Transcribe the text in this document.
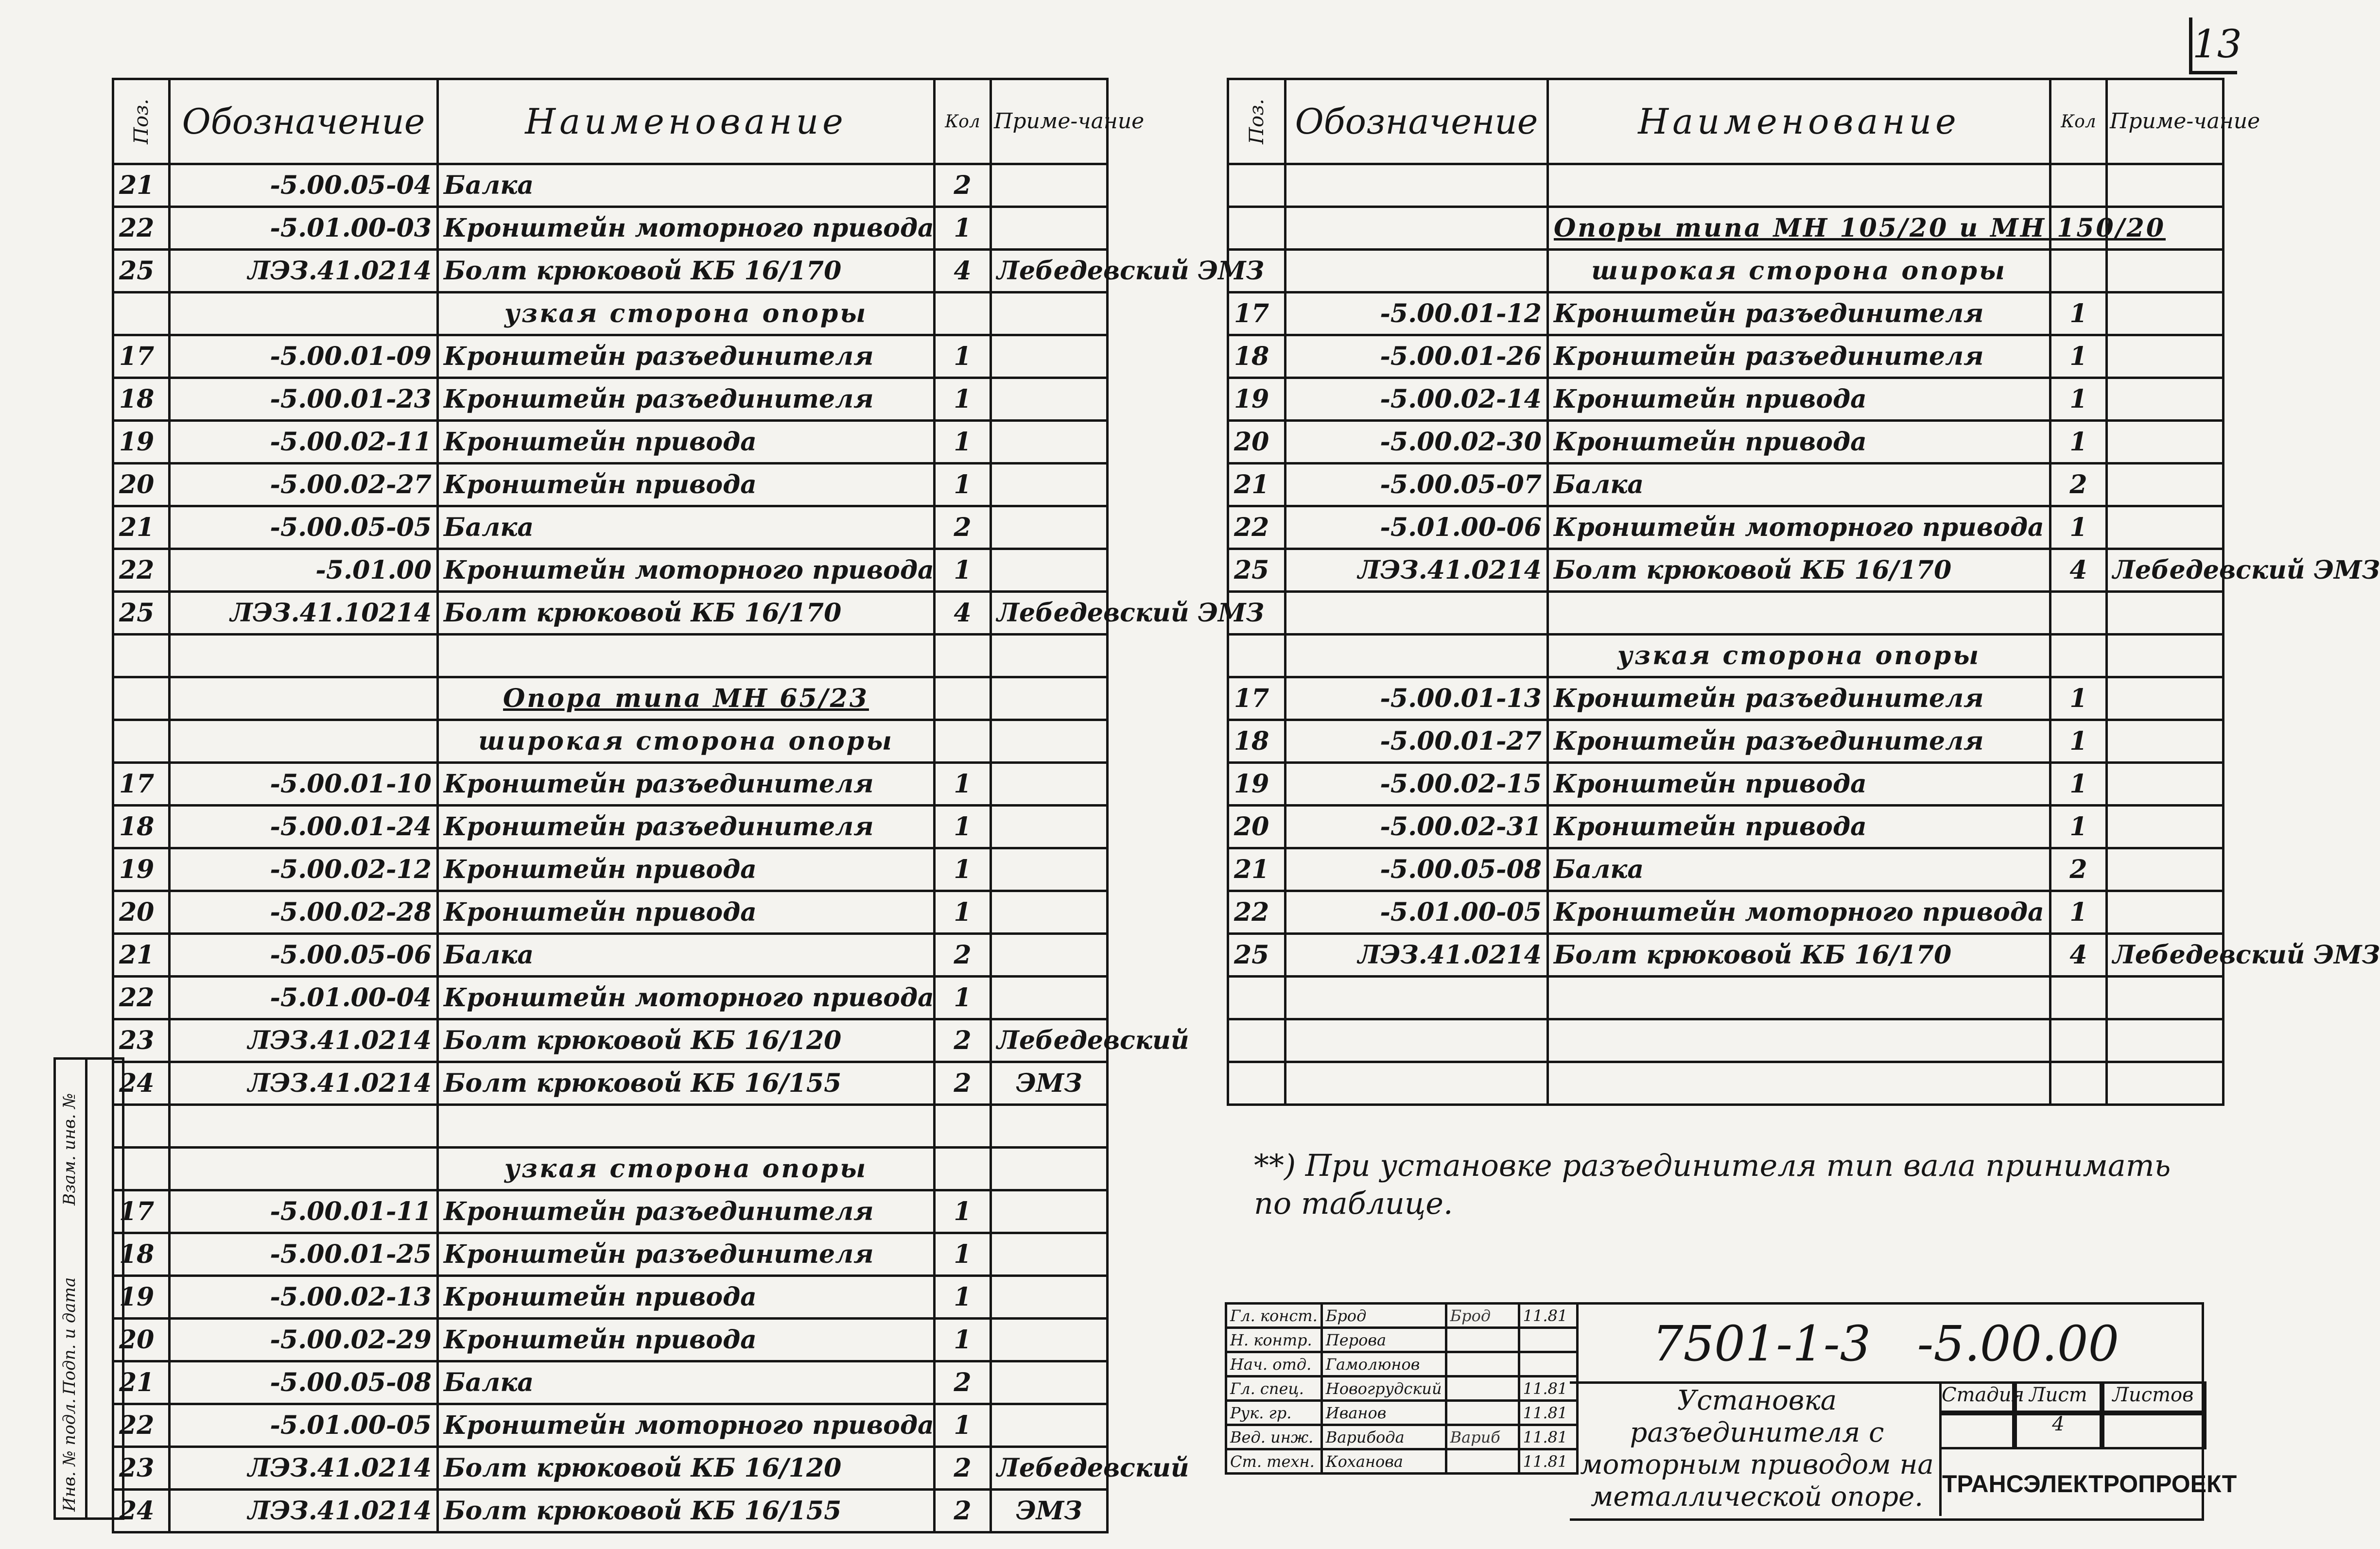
13
Поз.	Обозначение	Наименование	Кол	Приме-чание
21	-5.00.05-04	Балка	2	
22	-5.01.00-03	Кронштейн моторного привода	1	
25	ЛЭЗ.41.0214	Болт крюковой КБ 16/170	4	Лебедевский ЭМЗ
		узкая сторона опоры		
17	-5.00.01-09	Кронштейн разъединителя	1	
18	-5.00.01-23	Кронштейн разъединителя	1	
19	-5.00.02-11	Кронштейн привода	1	
20	-5.00.02-27	Кронштейн привода	1	
21	-5.00.05-05	Балка	2	
22	-5.01.00	Кронштейн моторного привода	1	
25	ЛЭЗ.41.10214	Болт крюковой КБ 16/170	4	Лебедевский ЭМЗ

		Опора типа МН 65/23		
		широкая сторона опоры		
17	-5.00.01-10	Кронштейн разъединителя	1	
18	-5.00.01-24	Кронштейн разъединителя	1	
19	-5.00.02-12	Кронштейн привода	1	
20	-5.00.02-28	Кронштейн привода	1	
21	-5.00.05-06	Балка	2	
22	-5.01.00-04	Кронштейн моторного привода	1	
23	ЛЭЗ.41.0214	Болт крюковой КБ 16/120	2	Лебедевский
24	ЛЭЗ.41.0214	Болт крюковой КБ 16/155	2	ЭМЗ

		узкая сторона опоры		
17	-5.00.01-11	Кронштейн разъединителя	1	
18	-5.00.01-25	Кронштейн разъединителя	1	
19	-5.00.02-13	Кронштейн привода	1	
20	-5.00.02-29	Кронштейн привода	1	
21	-5.00.05-08	Балка	2	
22	-5.01.00-05	Кронштейн моторного привода	1	
23	ЛЭЗ.41.0214	Болт крюковой КБ 16/120	2	Лебедевский
24	ЛЭЗ.41.0214	Болт крюковой КБ 16/155	2	ЭМЗ
Поз.	Обозначение	Наименование	Кол	Приме-чание

		Опоры типа МН 105/20 и МН 150/20		
		широкая сторона опоры		
17	-5.00.01-12	Кронштейн разъединителя	1	
18	-5.00.01-26	Кронштейн разъединителя	1	
19	-5.00.02-14	Кронштейн привода	1	
20	-5.00.02-30	Кронштейн привода	1	
21	-5.00.05-07	Балка	2	
22	-5.01.00-06	Кронштейн моторного привода	1	
25	ЛЭЗ.41.0214	Болт крюковой КБ 16/170	4	Лебедевский ЭМЗ

		узкая сторона опоры		
17	-5.00.01-13	Кронштейн разъединителя	1	
18	-5.00.01-27	Кронштейн разъединителя	1	
19	-5.00.02-15	Кронштейн привода	1	
20	-5.00.02-31	Кронштейн привода	1	
21	-5.00.05-08	Балка	2	
22	-5.01.00-05	Кронштейн моторного привода	1	
25	ЛЭЗ.41.0214	Болт крюковой КБ 16/170	4	Лебедевский ЭМЗ

**) При установке разъединителя тип вала принимать по таблице.
Инв. № подл.
Подп. и дата
Взам. инв. №
Гл. конст.	Брод	Брод	11.81
Н. контр.	Перова		
Нач. отд.	Гамолюнов		
Гл. спец.	Новогрудский		11.81
Рук. гр.	Иванов		11.81
Вед. инж.	Варибода	Вариб	11.81
Ст. техн.	Коханова		11.81
7501-1-3   -5.00.00
Установка разъединителя с моторным приводом на металлической опоре.
Стадия Лист	Листов
4
ТРАНСЭЛЕКТРОПРОЕКТ
